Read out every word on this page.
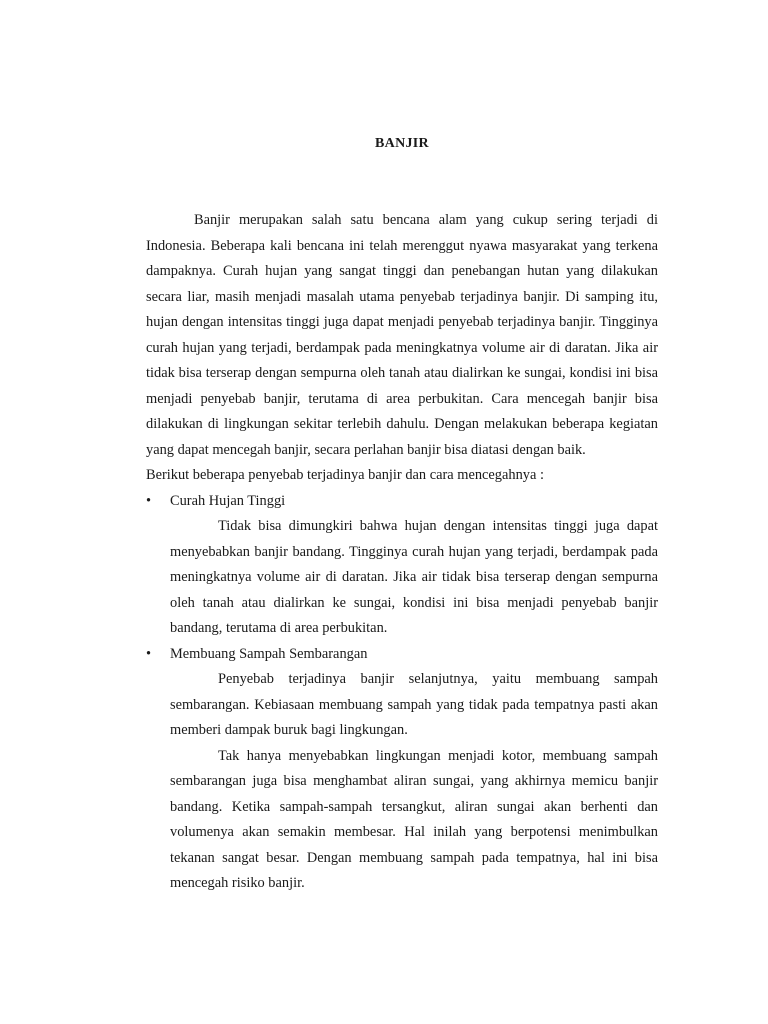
BANJIR

Banjir merupakan salah satu bencana alam yang cukup sering terjadi di Indonesia. Beberapa kali bencana ini telah merenggut nyawa masyarakat yang terkena dampaknya. Curah hujan yang sangat tinggi dan penebangan hutan yang dilakukan secara liar, masih menjadi masalah utama penyebab terjadinya banjir. Di samping itu, hujan dengan intensitas tinggi juga dapat menjadi penyebab terjadinya banjir. Tingginya curah hujan yang terjadi, berdampak pada meningkatnya volume air di daratan. Jika air tidak bisa terserap dengan sempurna oleh tanah atau dialirkan ke sungai, kondisi ini bisa menjadi penyebab banjir, terutama di area perbukitan. Cara mencegah banjir bisa dilakukan di lingkungan sekitar terlebih dahulu. Dengan melakukan beberapa kegiatan yang dapat mencegah banjir, secara perlahan banjir bisa diatasi dengan baik.

Berikut beberapa penyebab terjadinya banjir dan cara mencegahnya :

• Curah Hujan Tinggi

Tidak bisa dimungkiri bahwa hujan dengan intensitas tinggi juga dapat menyebabkan banjir bandang. Tingginya curah hujan yang terjadi, berdampak pada meningkatnya volume air di daratan. Jika air tidak bisa terserap dengan sempurna oleh tanah atau dialirkan ke sungai, kondisi ini bisa menjadi penyebab banjir bandang, terutama di area perbukitan.

• Membuang Sampah Sembarangan

Penyebab terjadinya banjir selanjutnya, yaitu membuang sampah sembarangan. Kebiasaan membuang sampah yang tidak pada tempatnya pasti akan memberi dampak buruk bagi lingkungan.

Tak hanya menyebabkan lingkungan menjadi kotor, membuang sampah sembarangan juga bisa menghambat aliran sungai, yang akhirnya memicu banjir bandang. Ketika sampah-sampah tersangkut, aliran sungai akan berhenti dan volumenya akan semakin membesar. Hal inilah yang berpotensi menimbulkan tekanan sangat besar. Dengan membuang sampah pada tempatnya, hal ini bisa mencegah risiko banjir.
